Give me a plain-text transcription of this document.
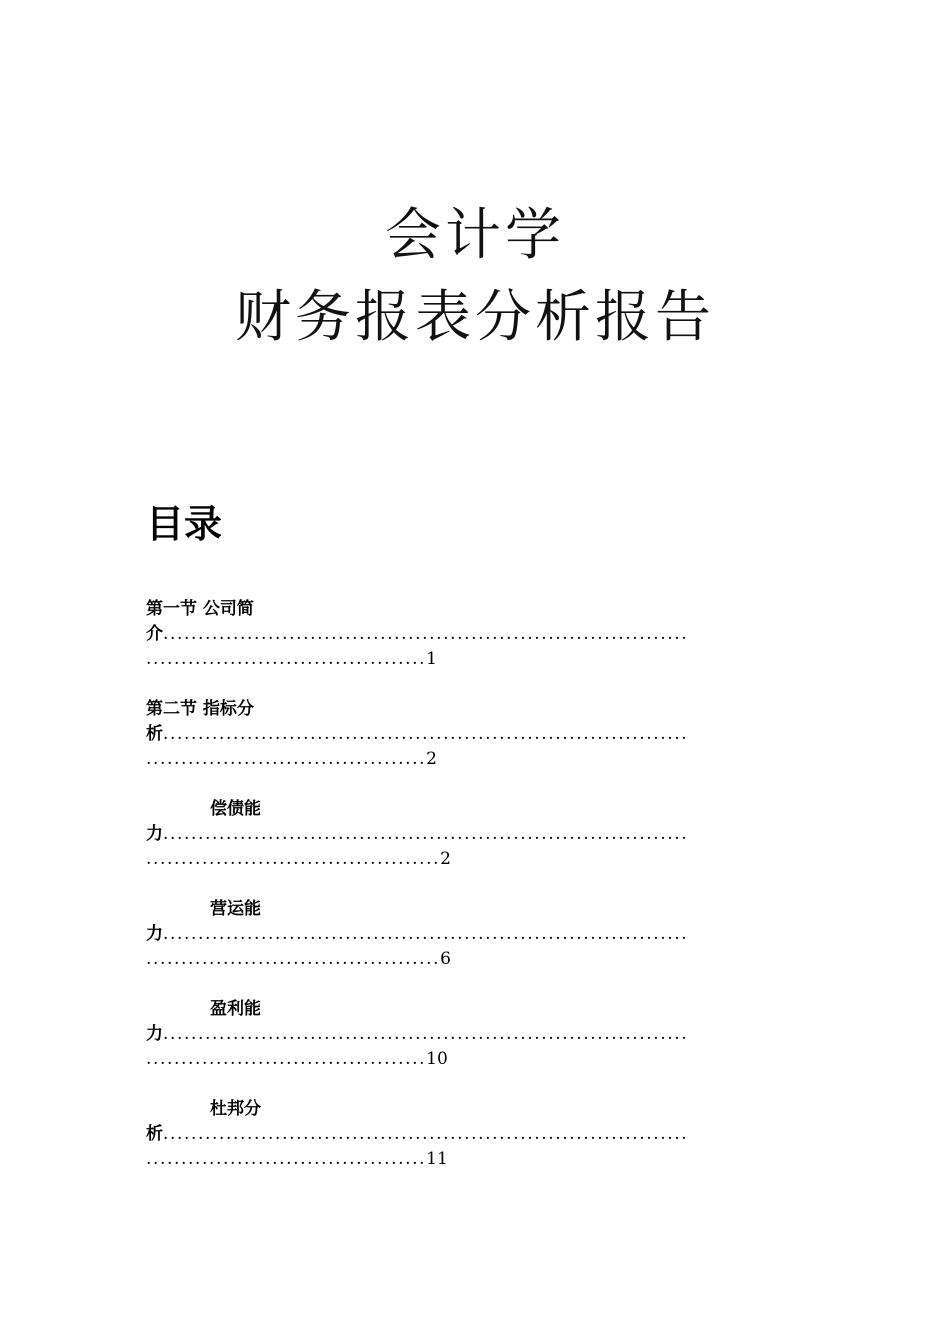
会计学
财务报表分析报告
目录
第一节 公司简
介...........................................................................
........................................1
第二节 指标分
析...........................................................................
........................................2
偿债能
力...........................................................................
..........................................2
营运能
力...........................................................................
..........................................6
盈利能
力...........................................................................
........................................10
杜邦分
析...........................................................................
........................................11
